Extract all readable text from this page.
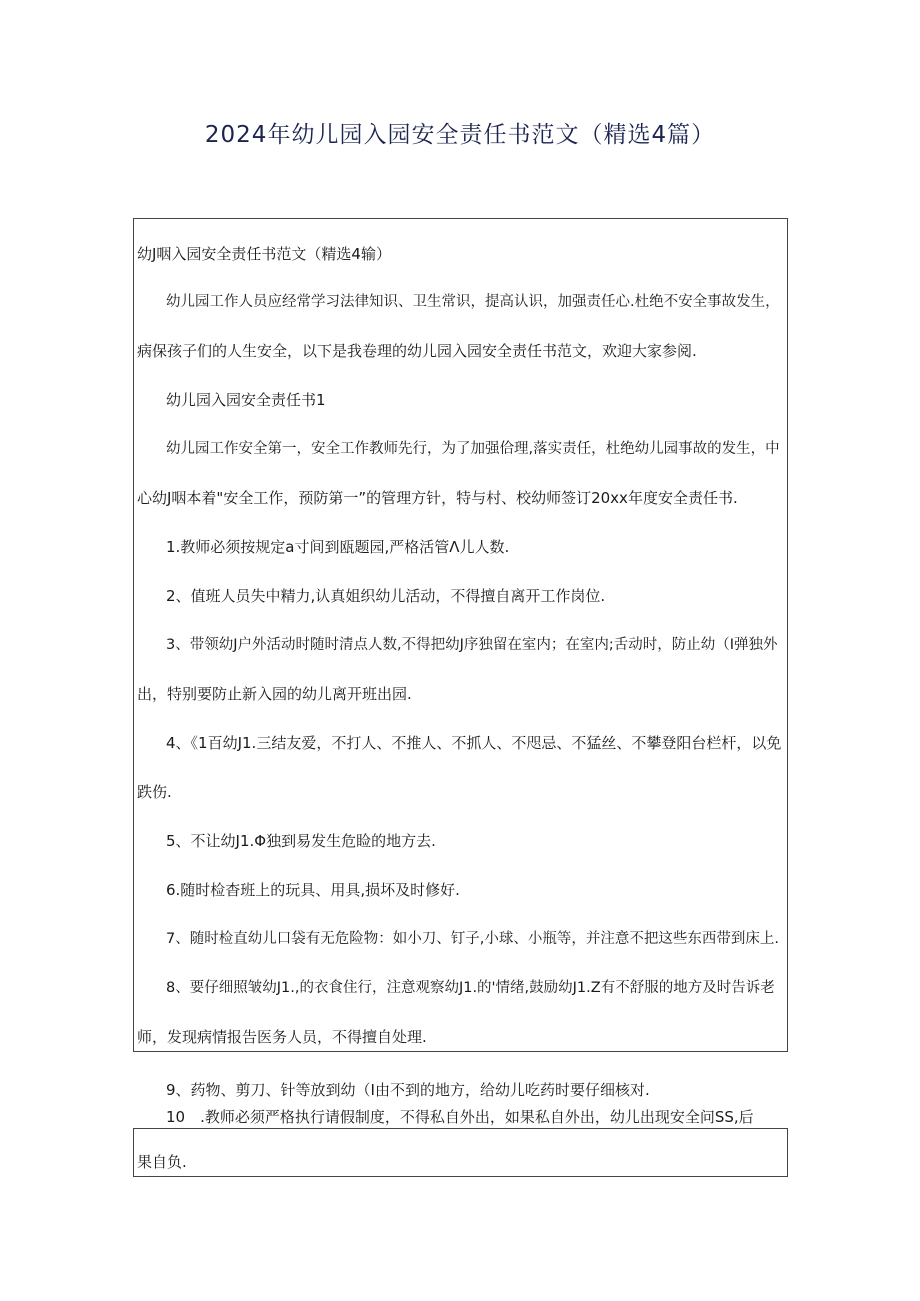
2024年幼儿园入园安全责任书范文（精选4篇）
幼J咽入园安全责任书范文（精选4输）
幼儿园工作人员应经常学习法律知识、卫生常识，提高认识，加强责任心.杜绝不安全事故发生，
病保孩子们的人生安全，以下是我卷理的幼儿园入园安全责任书范文，欢迎大家参阅.
幼儿园入园安全责任书1
幼儿园工作安全第一，安全工作教师先行，为了加强佮理,落实责任，杜绝幼儿园事故的发生，中
心幼J咽本着"安全工作，预防第一”的管理方针，特与村、校幼师签订20xx年度安全责任书.
1.教师必须按规定a寸间到瓯题园,严格活管Λ儿人数.
2、值班人员失中精力,认真姐织幼儿活动，不得擅自离开工作岗位.
3、带领幼J户外活动时随时清点人数,不得把幼J序独留在室内；在室内;舌动时，防止幼（I弹独外
出，特别要防止新入园的幼儿离开班出园.
4、《1百幼J1.三结友爱，不打人、不推人、不抓人、不咫忌、不猛丝、不攀登阳台栏杆，以免
跌伤.
5、不让幼J1.Φ独到易发生危睑的地方去.
6.随时检杳班上的玩具、用具,损坏及时修好.
7、随时检直幼儿口袋有无危险物：如小刀、钉子,小球、小瓶等，并注意不把这些东西带到床上.
8、要仔细照皱幼J1.,的衣食住行，注意观察幼J1.的'情绪,鼓励幼J1.Z有不舒服的地方及时告诉老
师，发现病情报告医务人员，不得擅自处理.
9、药物、剪刀、针等放到幼（I由不到的地方，给幼儿吃药时要仔细核对.
10　.教师必须严格执行请假制度，不得私自外出，如果私自外出，幼儿出现安全问SS,后
果自负.
